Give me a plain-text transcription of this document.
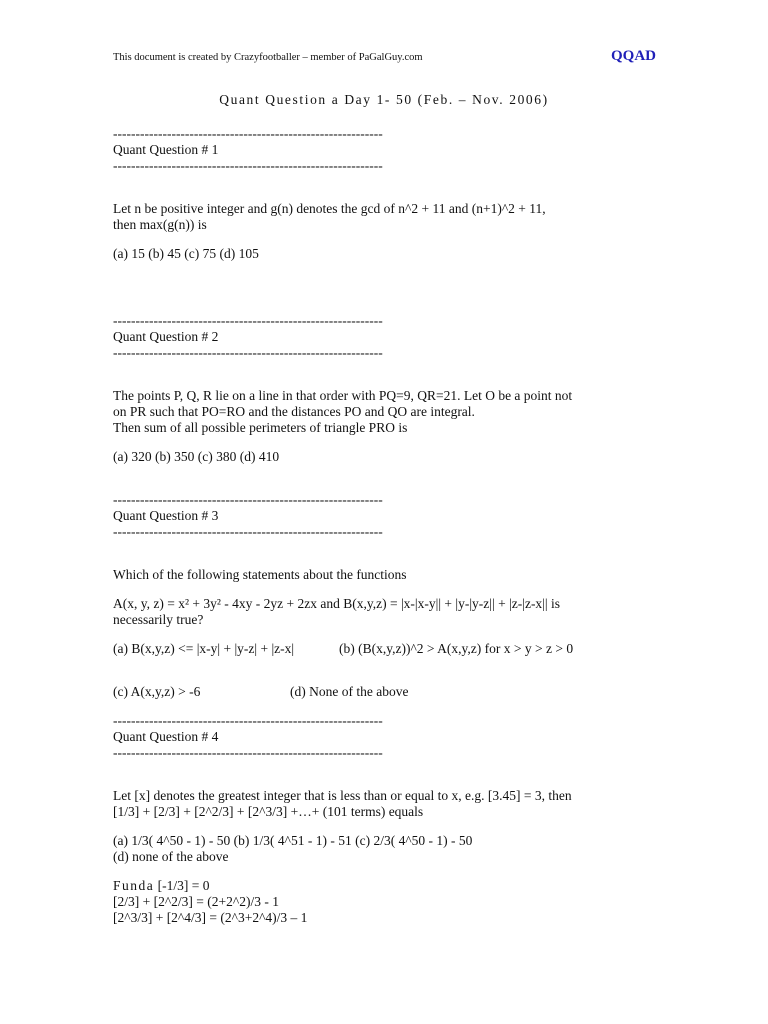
This document is created by Crazyfootballer – member of PaGalGuy.com	QQAD
Quant Question a Day 1- 50 (Feb. – Nov. 2006)
------------------------------------------------------------
Quant Question # 1
------------------------------------------------------------

Let n be positive integer and g(n) denotes the gcd of n^2 + 11 and (n+1)^2 + 11,

then max(g(n)) is

(a) 15 (b) 45 (c) 75 (d) 105

------------------------------------------------------------
Quant Question # 2
------------------------------------------------------------

The points P, Q, R lie on a line in that order with PQ=9, QR=21. Let O be a point not

on PR such that PO=RO and the distances PO and QO are integral.

Then sum of all possible perimeters of triangle PRO is

(a) 320 (b) 350 (c) 380 (d) 410

------------------------------------------------------------
Quant Question # 3
------------------------------------------------------------

Which of the following statements about the functions

A(x, y, z) = x² + 3y² - 4xy - 2yz + 2zx and B(x,y,z) = |x-|x-y|| + |y-|y-z|| + |z-|z-x|| is

necessarily true?

(a) B(x,y,z) <= |x-y| + |y-z| + |z-x|	(b) (B(x,y,z))^2 > A(x,y,z) for x > y > z > 0
(c) A(x,y,z) > -6	(d) None of the above
------------------------------------------------------------
Quant Question # 4
------------------------------------------------------------

Let [x] denotes the greatest integer that is less than or equal to x, e.g. [3.45] = 3, then

[1/3] + [2/3] + [2^2/3] + [2^3/3] +…+ (101 terms) equals

(a) 1/3( 4^50 - 1) - 50 (b) 1/3( 4^51 - 1) - 51 (c) 2/3( 4^50 - 1) - 50

(d) none of the above

Funda [-1/3] = 0

[2/3] + [2^2/3] = (2+2^2)/3 - 1

[2^3/3] + [2^4/3] = (2^3+2^4)/3 – 1
